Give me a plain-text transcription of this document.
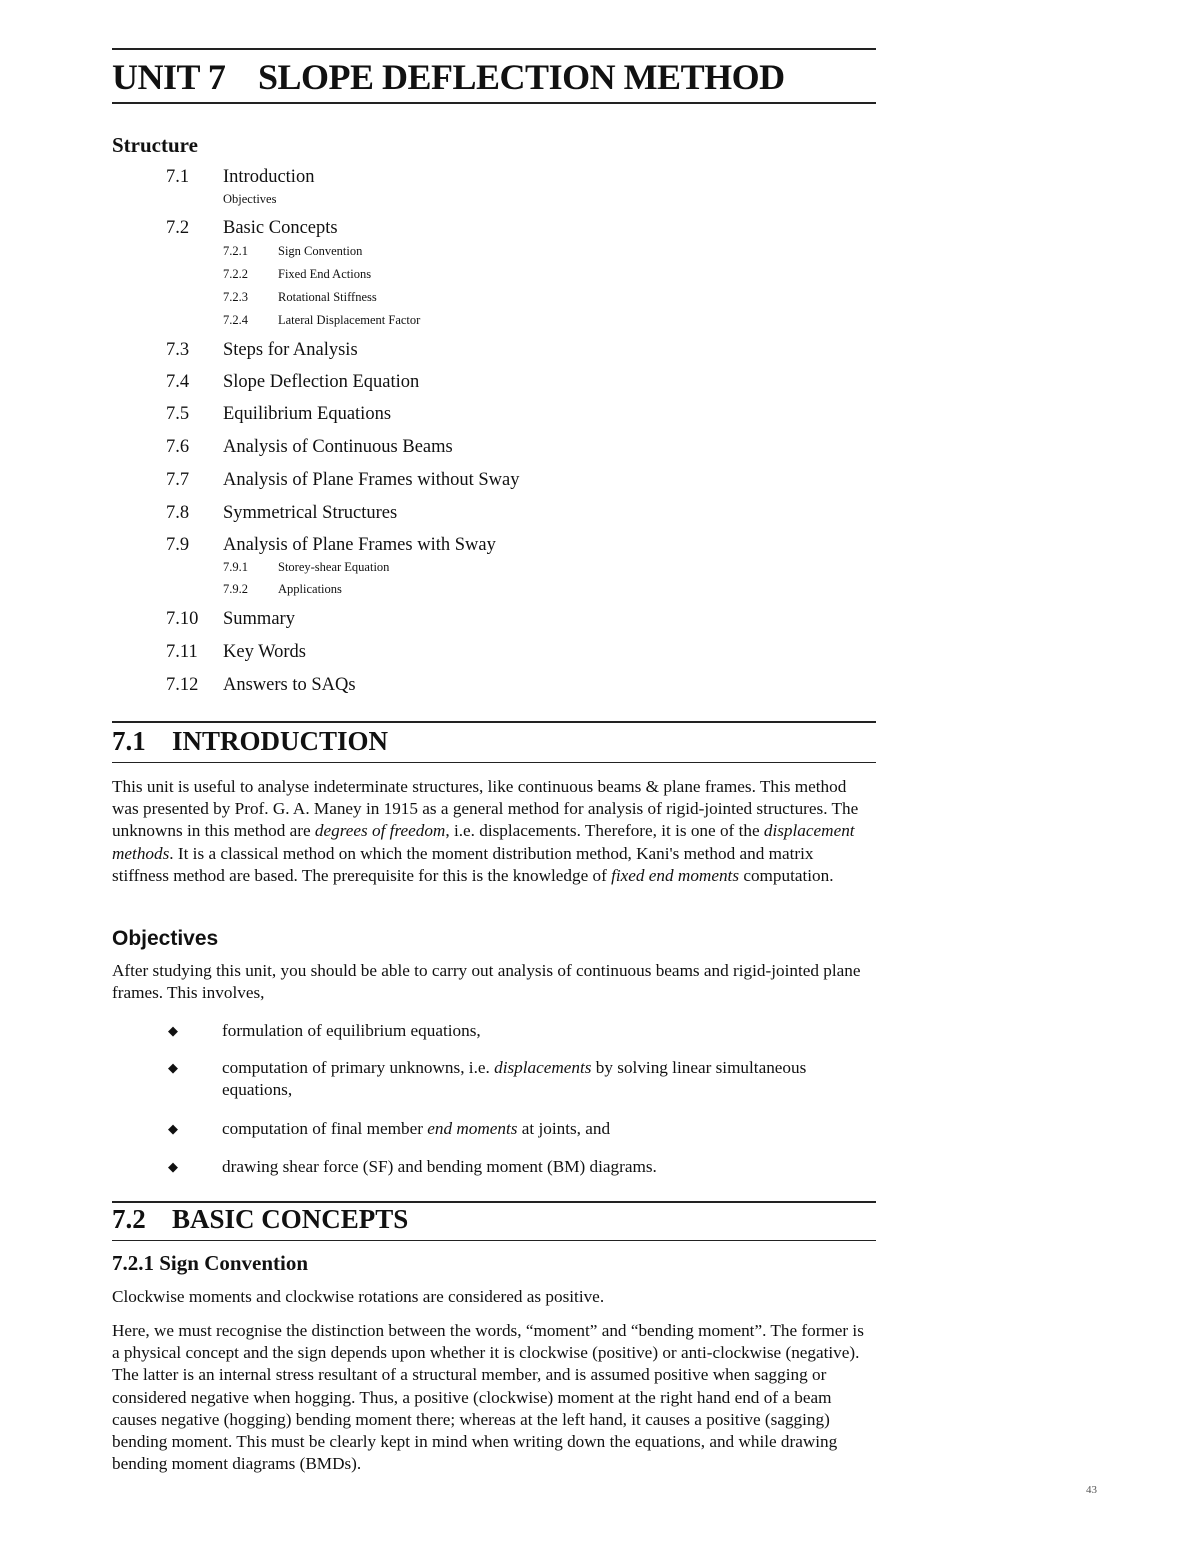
UNIT 7 SLOPE DEFLECTION METHOD
Structure
7.1 Introduction
Objectives
7.2 Basic Concepts
7.2.1 Sign Convention
7.2.2 Fixed End Actions
7.2.3 Rotational Stiffness
7.2.4 Lateral Displacement Factor
7.3 Steps for Analysis
7.4 Slope Deflection Equation
7.5 Equilibrium Equations
7.6 Analysis of Continuous Beams
7.7 Analysis of Plane Frames without Sway
7.8 Symmetrical Structures
7.9 Analysis of Plane Frames with Sway
7.9.1 Storey-shear Equation
7.9.2 Applications
7.10 Summary
7.11 Key Words
7.12 Answers to SAQs
7.1 INTRODUCTION

This unit is useful to analyse indeterminate structures, like continuous beams & plane frames. This method was presented by Prof. G. A. Maney in 1915 as a general method for analysis of rigid-jointed structures. The unknowns in this method are degrees of freedom, i.e. displacements. Therefore, it is one of the displacement methods. It is a classical method on which the moment distribution method, Kani's method and matrix stiffness method are based. The prerequisite for this is the knowledge of fixed end moments computation.

Objectives

After studying this unit, you should be able to carry out analysis of continuous beams and rigid-jointed plane frames. This involves,

◆	formulation of equilibrium equations,
◆	computation of primary unknowns, i.e. displacements by solving linear simultaneous equations,
◆	computation of final member end moments at joints, and
◆	drawing shear force (SF) and bending moment (BM) diagrams.
7.2 BASIC CONCEPTS
7.2.1 Sign Convention

Clockwise moments and clockwise rotations are considered as positive.

Here, we must recognise the distinction between the words, “moment” and “bending moment”. The former is a physical concept and the sign depends upon whether it is clockwise (positive) or anti-clockwise (negative). The latter is an internal stress resultant of a structural member, and is assumed positive when sagging or considered negative when hogging. Thus, a positive (clockwise) moment at the right hand end of a beam causes negative (hogging) bending moment there; whereas at the left hand, it causes a positive (sagging) bending moment. This must be clearly kept in mind when writing down the equations, and while drawing bending moment diagrams (BMDs).

43
